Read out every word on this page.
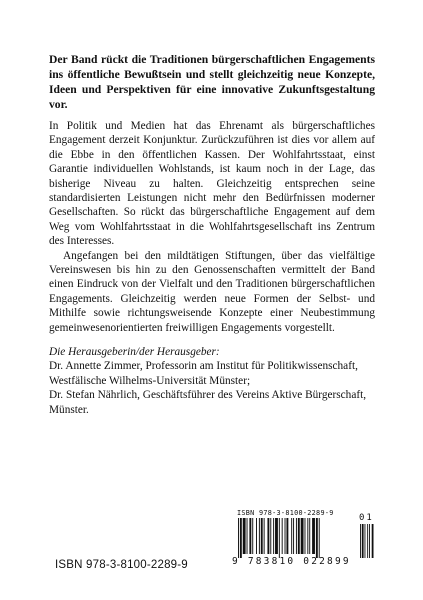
Der Band rückt die Traditionen bürgerschaftlichen Engagements ins öffentliche Bewußtsein und stellt gleichzeitig neue Konzepte, Ideen und Perspektiven für eine innovative Zukunftsgestaltung vor.

In Politik und Medien hat das Ehrenamt als bürgerschaftliches Engagement derzeit Konjunktur. Zurückzuführen ist dies vor allem auf die Ebbe in den öffentlichen Kassen. Der Wohlfahrtsstaat, einst Garantie individuellen Wohlstands, ist kaum noch in der Lage, das bisherige Niveau zu halten. Gleichzeitig entsprechen seine standardisierten Leistungen nicht mehr den Bedürfnissen moderner Gesellschaften. So rückt das bürgerschaftliche Engagement auf dem Weg vom Wohlfahrtsstaat in die Wohlfahrtsgesellschaft ins Zentrum des Interesses.

Angefangen bei den mildtätigen Stiftungen, über das vielfältige Vereinswesen bis hin zu den Genossenschaften vermittelt der Band einen Eindruck von der Vielfalt und den Traditionen bürgerschaftlichen Engagements. Gleichzeitig werden neue Formen der Selbst- und Mithilfe sowie richtungsweisende Konzepte einer Neubestimmung gemeinwesenorientierten freiwilligen Engagements vorgestellt.

Die Herausgeberin/der Herausgeber:

Dr. Annette Zimmer, Professorin am Institut für Politikwissenschaft, Westfälische Wilhelms-Universität Münster;

Dr. Stefan Nährlich, Geschäftsführer des Vereins Aktive Bürgerschaft, Münster.

ISBN 978-3-8100-2289-9	01
9 783810 022899
ISBN 978-3-8100-2289-9
